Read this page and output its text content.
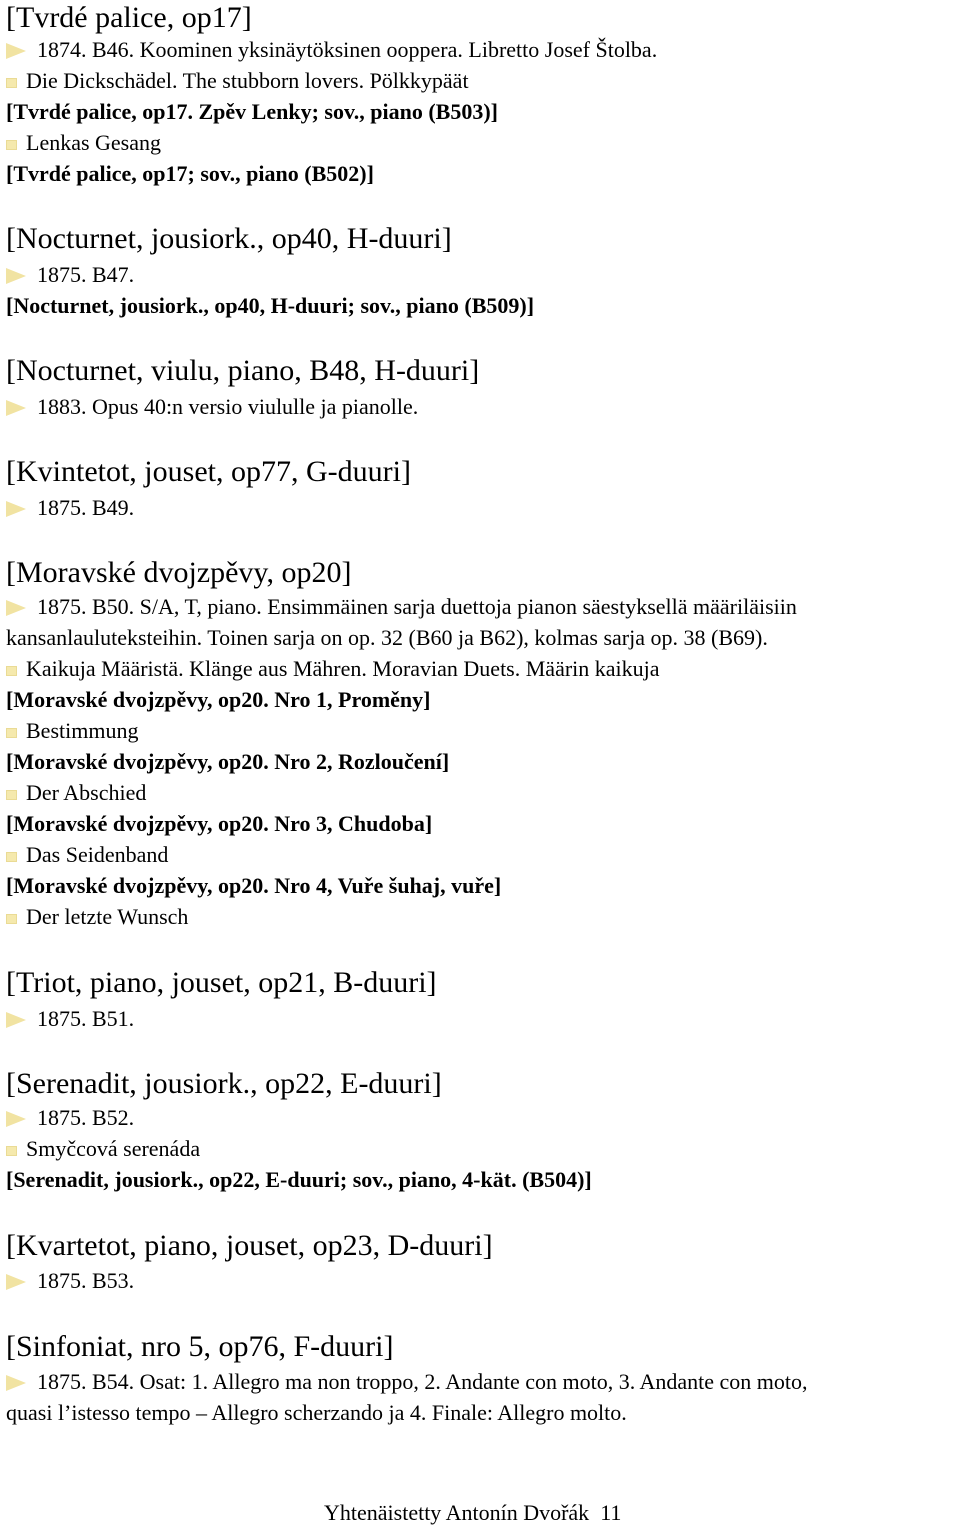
[Tvrdé palice, op17]
1874. B46. Koominen yksinäytöksinen ooppera. Libretto Josef Štolba.
Die Dickschädel. The stubborn lovers. Pölkkypäät
[Tvrdé palice, op17. Zpěv Lenky; sov., piano (B503)]
Lenkas Gesang
[Tvrdé palice, op17; sov., piano (B502)]
[Nocturnet, jousiork., op40, H-duuri]
1875. B47.
[Nocturnet, jousiork., op40, H-duuri; sov., piano (B509)]
[Nocturnet, viulu, piano, B48, H-duuri]
1883. Opus 40:n versio viululle ja pianolle.
[Kvintetot, jouset, op77, G-duuri]
1875. B49.
[Moravské dvojzpěvy, op20]
1875. B50. S/A, T, piano. Ensimmäinen sarja duettoja pianon säestyksellä määriläisiin
kansanlauluteksteihin. Toinen sarja on op. 32 (B60 ja B62), kolmas sarja op. 38 (B69).
Kaikuja Määristä. Klänge aus Mähren. Moravian Duets. Määrin kaikuja
[Moravské dvojzpěvy, op20. Nro 1, Proměny]
Bestimmung
[Moravské dvojzpěvy, op20. Nro 2, Rozloučení]
Der Abschied
[Moravské dvojzpěvy, op20. Nro 3, Chudoba]
Das Seidenband
[Moravské dvojzpěvy, op20. Nro 4, Vuře šuhaj, vuře]
Der letzte Wunsch
[Triot, piano, jouset, op21, B-duuri]
1875. B51.
[Serenadit, jousiork., op22, E-duuri]
1875. B52.
Smyčcová serenáda
[Serenadit, jousiork., op22, E-duuri; sov., piano, 4-kät. (B504)]
[Kvartetot, piano, jouset, op23, D-duuri]
1875. B53.
[Sinfoniat, nro 5, op76, F-duuri]
1875. B54. Osat: 1. Allegro ma non troppo, 2. Andante con moto, 3. Andante con moto,
quasi l’istesso tempo – Allegro scherzando ja 4. Finale: Allegro molto.
Yhtenäistetty Antonín Dvořák 11
